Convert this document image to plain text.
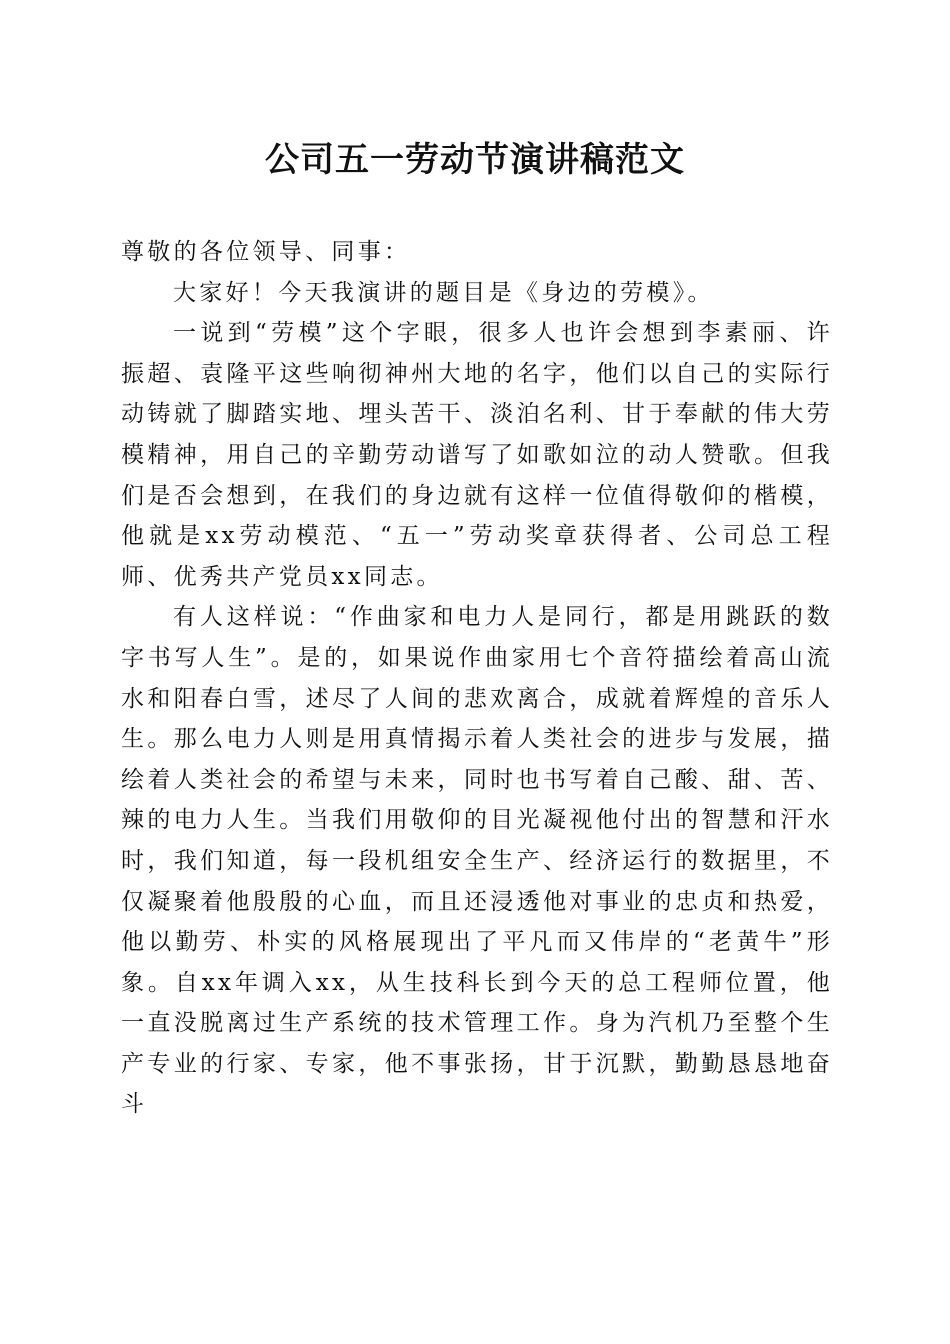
公司五一劳动节演讲稿范文

尊敬的各位领导、同事：

大家好！今天我演讲的题目是《身边的劳模》。

一说到“劳模”这个字眼，很多人也许会想到李素丽、许振超、袁隆平这些响彻神州大地的名字，他们以自己的实际行动铸就了脚踏实地、埋头苦干、淡泊名利、甘于奉献的伟大劳模精神，用自己的辛勤劳动谱写了如歌如泣的动人赞歌。但我们是否会想到，在我们的身边就有这样一位值得敬仰的楷模，他就是xx劳动模范、“五一”劳动奖章获得者、公司总工程师、优秀共产党员xx同志。

有人这样说：“作曲家和电力人是同行，都是用跳跃的数字书写人生”。是的，如果说作曲家用七个音符描绘着高山流水和阳春白雪，述尽了人间的悲欢离合，成就着辉煌的音乐人生。那么电力人则是用真情揭示着人类社会的进步与发展，描绘着人类社会的希望与未来，同时也书写着自己酸、甜、苦、辣的电力人生。当我们用敬仰的目光凝视他付出的智慧和汗水时，我们知道，每一段机组安全生产、经济运行的数据里，不仅凝聚着他殷殷的心血，而且还浸透他对事业的忠贞和热爱，他以勤劳、朴实的风格展现出了平凡而又伟岸的“老黄牛”形象。自xx年调入xx，从生技科长到今天的总工程师位置，他一直没脱离过生产系统的技术管理工作。身为汽机乃至整个生产专业的行家、专家，他不事张扬，甘于沉默，勤勤恳恳地奋斗
